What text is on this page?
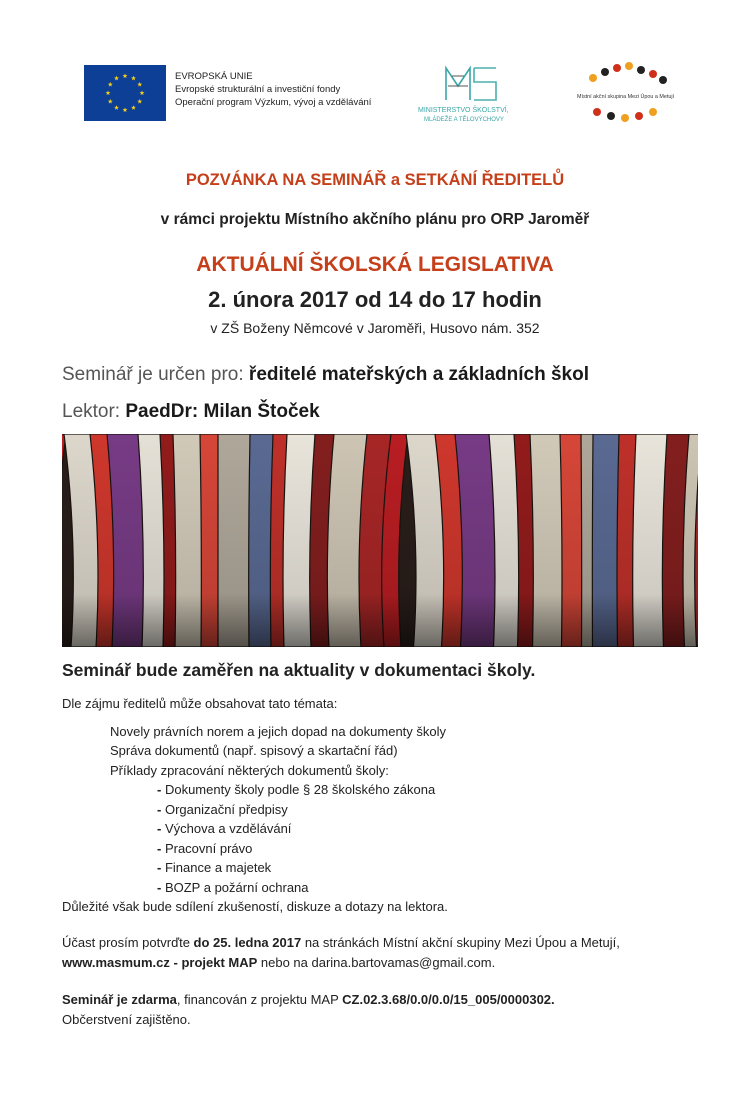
EVROPSKÁ UNIE
Evropské strukturální a investiční fondy
Operační program Výzkum, vývoj a vzdělávání
MINISTERSTVO ŠKOLSTVÍ,
MLÁDEŽE A TĚLOVÝCHOVY
Místní akční skupina Mezi Úpou a Metují
POZVÁNKA NA SEMINÁŘ a SETKÁNÍ ŘEDITELŮ
v rámci projektu Místního akčního plánu pro ORP Jaroměř
AKTUÁLNÍ ŠKOLSKÁ LEGISLATIVA
2. února 2017 od 14 do 17 hodin
v ZŠ Boženy Němcové v Jaroměři, Husovo nám. 352
Seminář je určen pro: ředitelé mateřských a základních škol
Lektor: PaedDr: Milan Štoček
Seminář bude zaměřen na aktuality v dokumentaci školy.
Dle zájmu ředitelů může obsahovat tato témata:
Novely právních norem a jejich dopad na dokumenty školy
Správa dokumentů (např. spisový a skartační řád)
Příklady zpracování některých dokumentů školy:
- Dokumenty školy podle § 28 školského zákona
- Organizační předpisy
- Výchova a vzdělávání
- Pracovní právo
- Finance a majetek
- BOZP a požární ochrana
Důležité však bude sdílení zkušeností, diskuze a dotazy na lektora.
Účast prosím potvrďte do 25. ledna 2017 na stránkách Místní akční skupiny Mezi Úpou a Metují,
www.masmum.cz - projekt MAP nebo na darina.bartovamas@gmail.com.
Seminář je zdarma, financován z projektu MAP CZ.02.3.68/0.0/0.0/15_005/0000302.
Občerstvení zajištěno.
